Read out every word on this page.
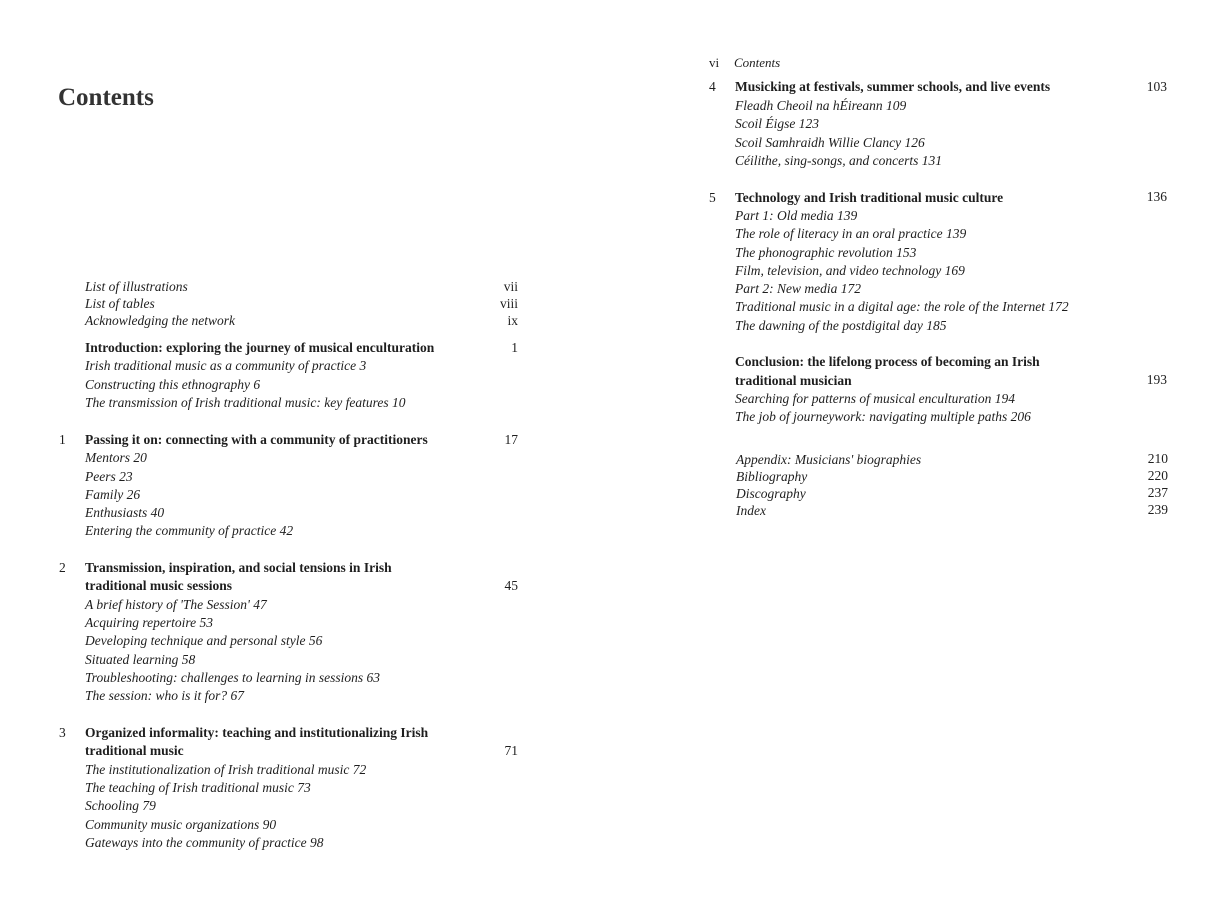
Contents
List of illustrations	vii
List of tables	viii
Acknowledging the network	ix
Introduction: exploring the journey of musical enculturation	1
Irish traditional music as a community of practice 3
Constructing this ethnography 6
The transmission of Irish traditional music: key features 10
1 Passing it on: connecting with a community of practitioners	17
Mentors 20
Peers 23
Family 26
Enthusiasts 40
Entering the community of practice 42
2 Transmission, inspiration, and social tensions in Irish
traditional music sessions	45
A brief history of 'The Session' 47
Acquiring repertoire 53
Developing technique and personal style 56
Situated learning 58
Troubleshooting: challenges to learning in sessions 63
The session: who is it for? 67
3 Organized informality: teaching and institutionalizing Irish
traditional music	71
The institutionalization of Irish traditional music 72
The teaching of Irish traditional music 73
Schooling 79
Community music organizations 90
Gateways into the community of practice 98
vi Contents
4 Musicking at festivals, summer schools, and live events	103
Fleadh Cheoil na hÉireann 109
Scoil Éigse 123
Scoil Samhraidh Willie Clancy 126
Céilithe, sing-songs, and concerts 131
5 Technology and Irish traditional music culture	136
Part 1: Old media 139
The role of literacy in an oral practice 139
The phonographic revolution 153
Film, television, and video technology 169
Part 2: New media 172
Traditional music in a digital age: the role of the Internet 172
The dawning of the postdigital day 185
Conclusion: the lifelong process of becoming an Irish
traditional musician	193
Searching for patterns of musical enculturation 194
The job of journeywork: navigating multiple paths 206
Appendix: Musicians' biographies	210
Bibliography	220
Discography	237
Index	239
